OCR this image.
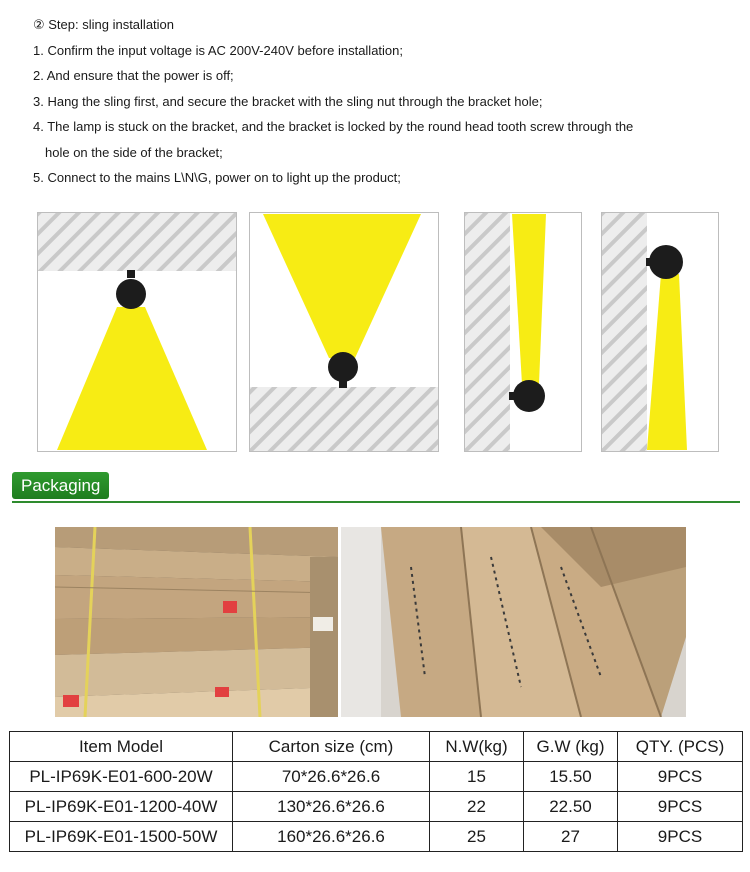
② Step: sling installation
1. Confirm the input voltage is AC 200V-240V before installation;
2. And ensure that the power is off;
3. Hang the sling first, and secure the bracket with the sling nut through the bracket hole;
4. The lamp is stuck on the bracket, and the bracket is locked by the round head tooth screw through the
hole on the side of the bracket;
5. Connect to the mains L\N\G, power on to light up the product;
Packaging
Item Model	Carton size (cm)	N.W(kg)	G.W (kg)	QTY. (PCS)
PL-IP69K-E01-600-20W	70*26.6*26.6	15	15.50	9PCS
PL-IP69K-E01-1200-40W	130*26.6*26.6	22	22.50	9PCS
PL-IP69K-E01-1500-50W	160*26.6*26.6	25	27	9PCS
